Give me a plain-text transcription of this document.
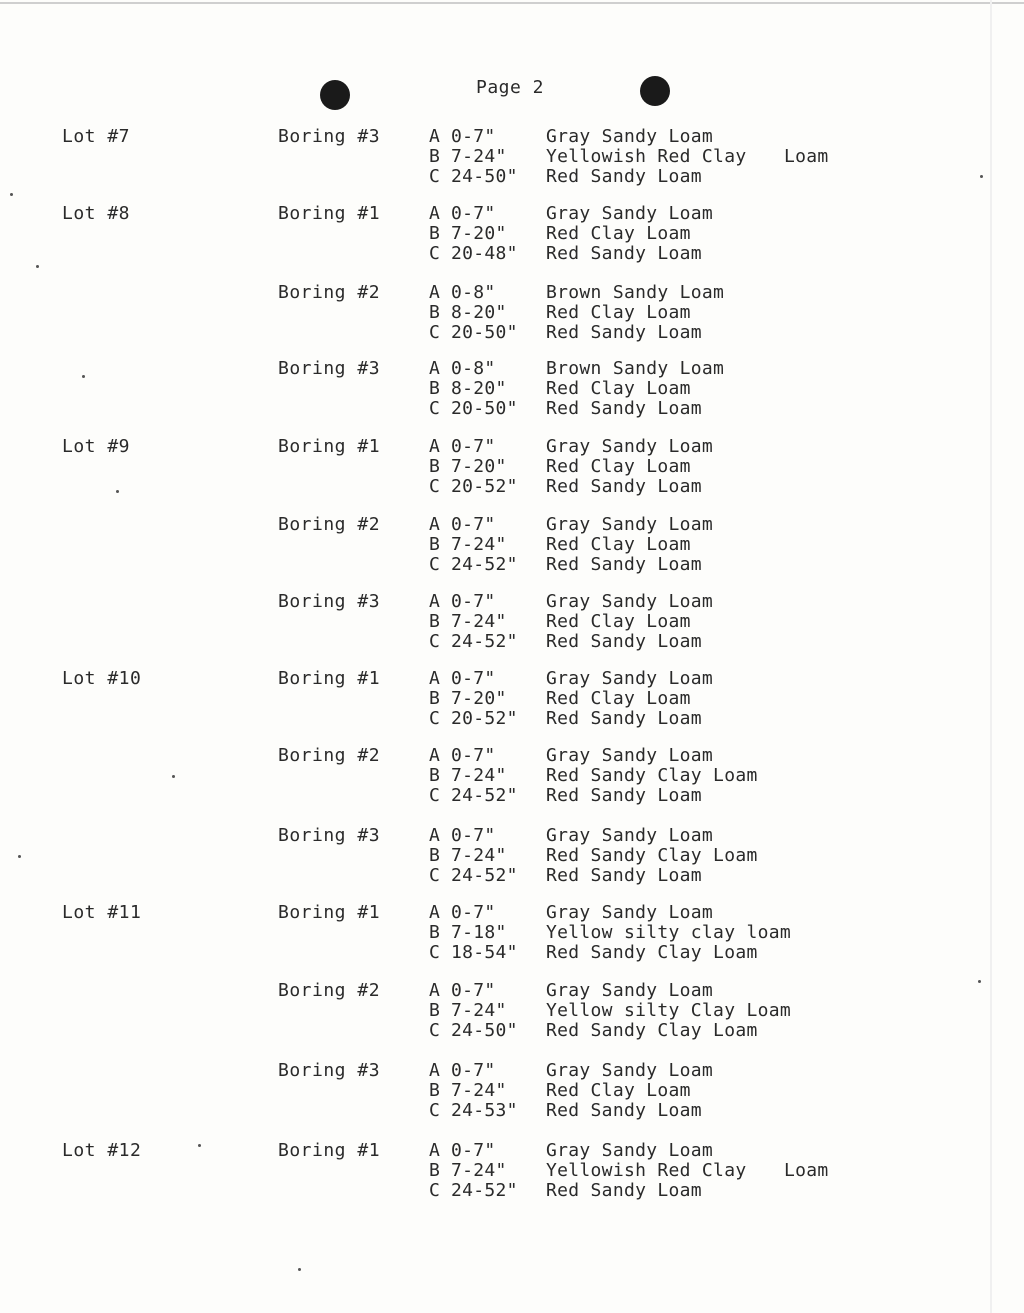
Page 2
Lot #7	Boring #3	A 0-7"	Gray Sandy Loam
B 7-24" Yellowish Red Clay Loam
C 24-50" Red Sandy Loam
Lot #8	Boring #1	A 0-7"	Gray Sandy Loam
B 7-20" Red Clay Loam
C 20-48" Red Sandy Loam
Boring #2	A 0-8"	Brown Sandy Loam
B 8-20" Red Clay Loam
C 20-50" Red Sandy Loam
Boring #3	A 0-8"	Brown Sandy Loam
B 8-20" Red Clay Loam
C 20-50" Red Sandy Loam
Lot #9	Boring #1	A 0-7"	Gray Sandy Loam
B 7-20" Red Clay Loam
C 20-52" Red Sandy Loam
Boring #2	A 0-7"	Gray Sandy Loam
B 7-24" Red Clay Loam
C 24-52" Red Sandy Loam
Boring #3	A 0-7"	Gray Sandy Loam
B 7-24" Red Clay Loam
C 24-52" Red Sandy Loam
Lot #10	Boring #1	A 0-7"	Gray Sandy Loam
B 7-20" Red Clay Loam
C 20-52" Red Sandy Loam
Boring #2	A 0-7"	Gray Sandy Loam
B 7-24" Red Sandy Clay Loam
C 24-52" Red Sandy Loam
Boring #3	A 0-7"	Gray Sandy Loam
B 7-24" Red Sandy Clay Loam
C 24-52" Red Sandy Loam
Lot #11	Boring #1	A 0-7"	Gray Sandy Loam
B 7-18" Yellow silty clay loam
C 18-54" Red Sandy Clay Loam
Boring #2	A 0-7"	Gray Sandy Loam
B 7-24" Yellow silty Clay Loam
C 24-50" Red Sandy Clay Loam
Boring #3	A 0-7"	Gray Sandy Loam
B 7-24" Red Clay Loam
C 24-53" Red Sandy Loam
Lot #12	Boring #1	A 0-7"	Gray Sandy Loam
B 7-24" Yellowish Red Clay Loam
C 24-52" Red Sandy Loam
